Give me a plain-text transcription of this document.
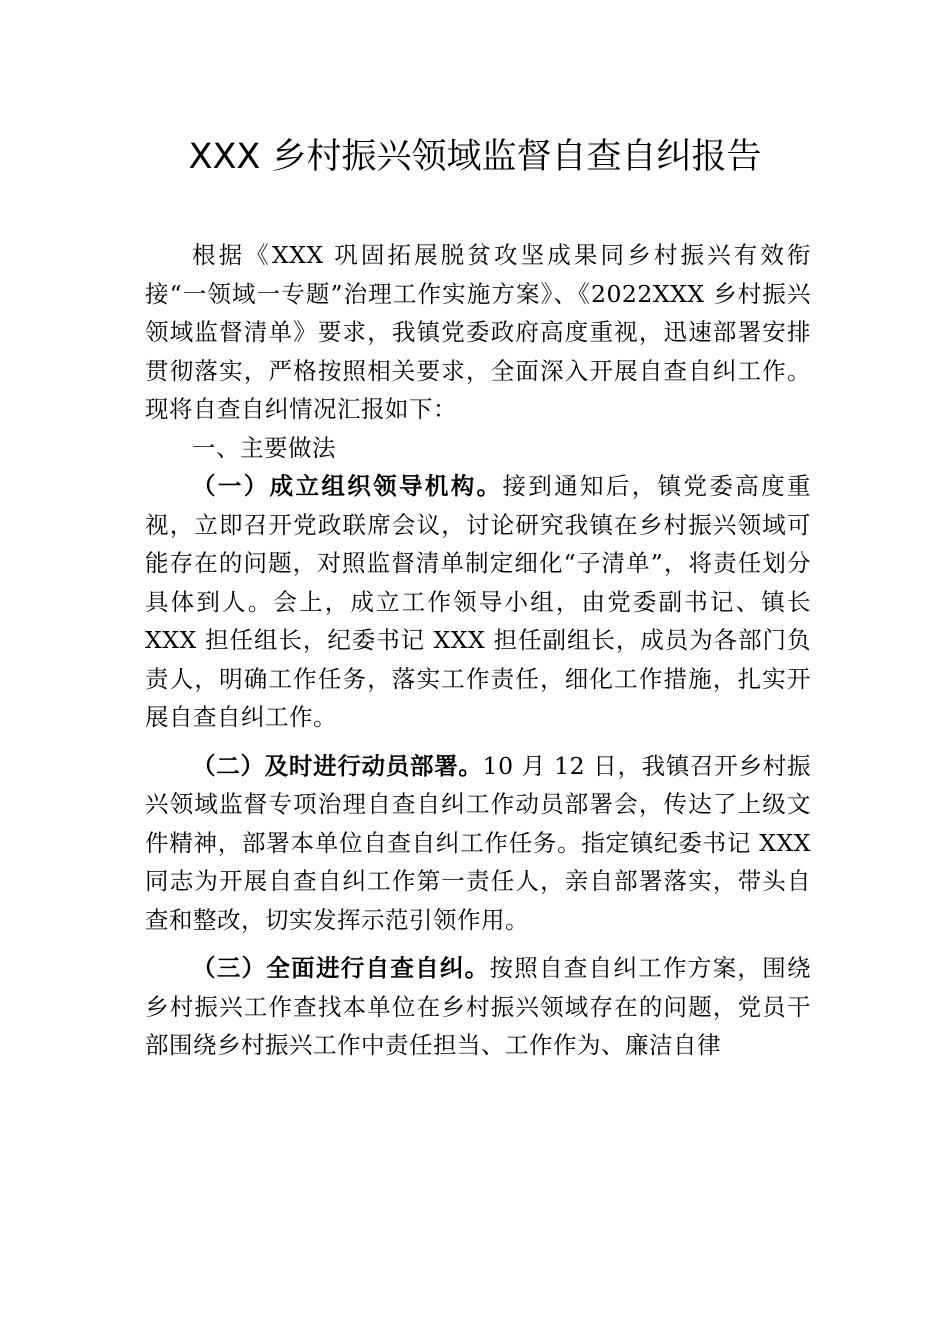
XXX 乡村振兴领域监督自查自纠报告

根据《XXX 巩固拓展脱贫攻坚成果同乡村振兴有效衔接“一领域一专题”治理工作实施方案》、《2022XXX 乡村振兴领域监督清单》要求，我镇党委政府高度重视，迅速部署安排贯彻落实，严格按照相关要求，全面深入开展自查自纠工作。现将自查自纠情况汇报如下：

一、主要做法

（一）成立组织领导机构。接到通知后，镇党委高度重视，立即召开党政联席会议，讨论研究我镇在乡村振兴领域可能存在的问题，对照监督清单制定细化“子清单”，将责任划分具体到人。会上，成立工作领导小组，由党委副书记、镇长 XXX 担任组长，纪委书记 XXX 担任副组长，成员为各部门负责人，明确工作任务，落实工作责任，细化工作措施，扎实开展自查自纠工作。

（二）及时进行动员部署。10 月 12 日，我镇召开乡村振兴领域监督专项治理自查自纠工作动员部署会，传达了上级文件精神，部署本单位自查自纠工作任务。指定镇纪委书记 XXX 同志为开展自查自纠工作第一责任人，亲自部署落实，带头自查和整改，切实发挥示范引领作用。

（三）全面进行自查自纠。按照自查自纠工作方案，围绕乡村振兴工作查找本单位在乡村振兴领域存在的问题，党员干部围绕乡村振兴工作中责任担当、工作作为、廉洁自律
